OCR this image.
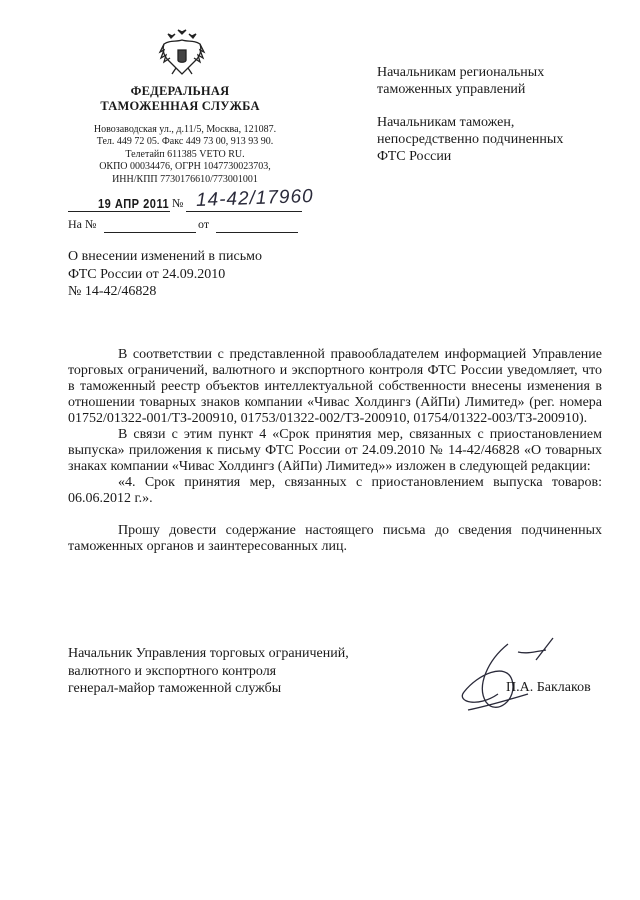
ФЕДЕРАЛЬНАЯ
ТАМОЖЕННАЯ СЛУЖБА
Новозаводская ул., д.11/5, Москва, 121087.
Тел. 449 72 05. Факс 449 73 00, 913 93 90.
Телетайп 611385 VETO RU.
ОКПО 00034476, ОГРН 1047730023703,
ИНН/КПП 7730176610/773001001

Начальникам региональных
таможенных управлений

Начальникам таможен,
непосредственно подчиненных
ФТС России

19 АПР 2011 № 14-42/17960
На №	от
О внесении изменений в письмо
ФТС России от 24.09.2010
№ 14-42/46828

В соответствии с представленной правообладателем информацией Управление торговых ограничений, валютного и экспортного контроля ФТС России уведомляет, что в таможенный реестр объектов интеллектуальной собственности внесены изменения в отношении товарных знаков компании «Чивас Холдингз (АйПи) Лимитед» (рег. номера 01752/01322-001/ТЗ-200910, 01753/01322-002/ТЗ-200910, 01754/01322-003/ТЗ-200910).

В связи с этим пункт 4 «Срок принятия мер, связанных с приостановлением выпуска» приложения к письму ФТС России от 24.09.2010 № 14-42/46828 «О товарных знаках компании «Чивас Холдингз (АйПи) Лимитед»» изложен в следующей редакции:

«4. Срок принятия мер, связанных с приостановлением выпуска товаров: 06.06.2012 г.».

Прошу довести содержание настоящего письма до сведения подчиненных таможенных органов и заинтересованных лиц.

Начальник Управления торговых ограничений,
валютного и экспортного контроля
генерал-майор таможенной службы	П.А. Баклаков
